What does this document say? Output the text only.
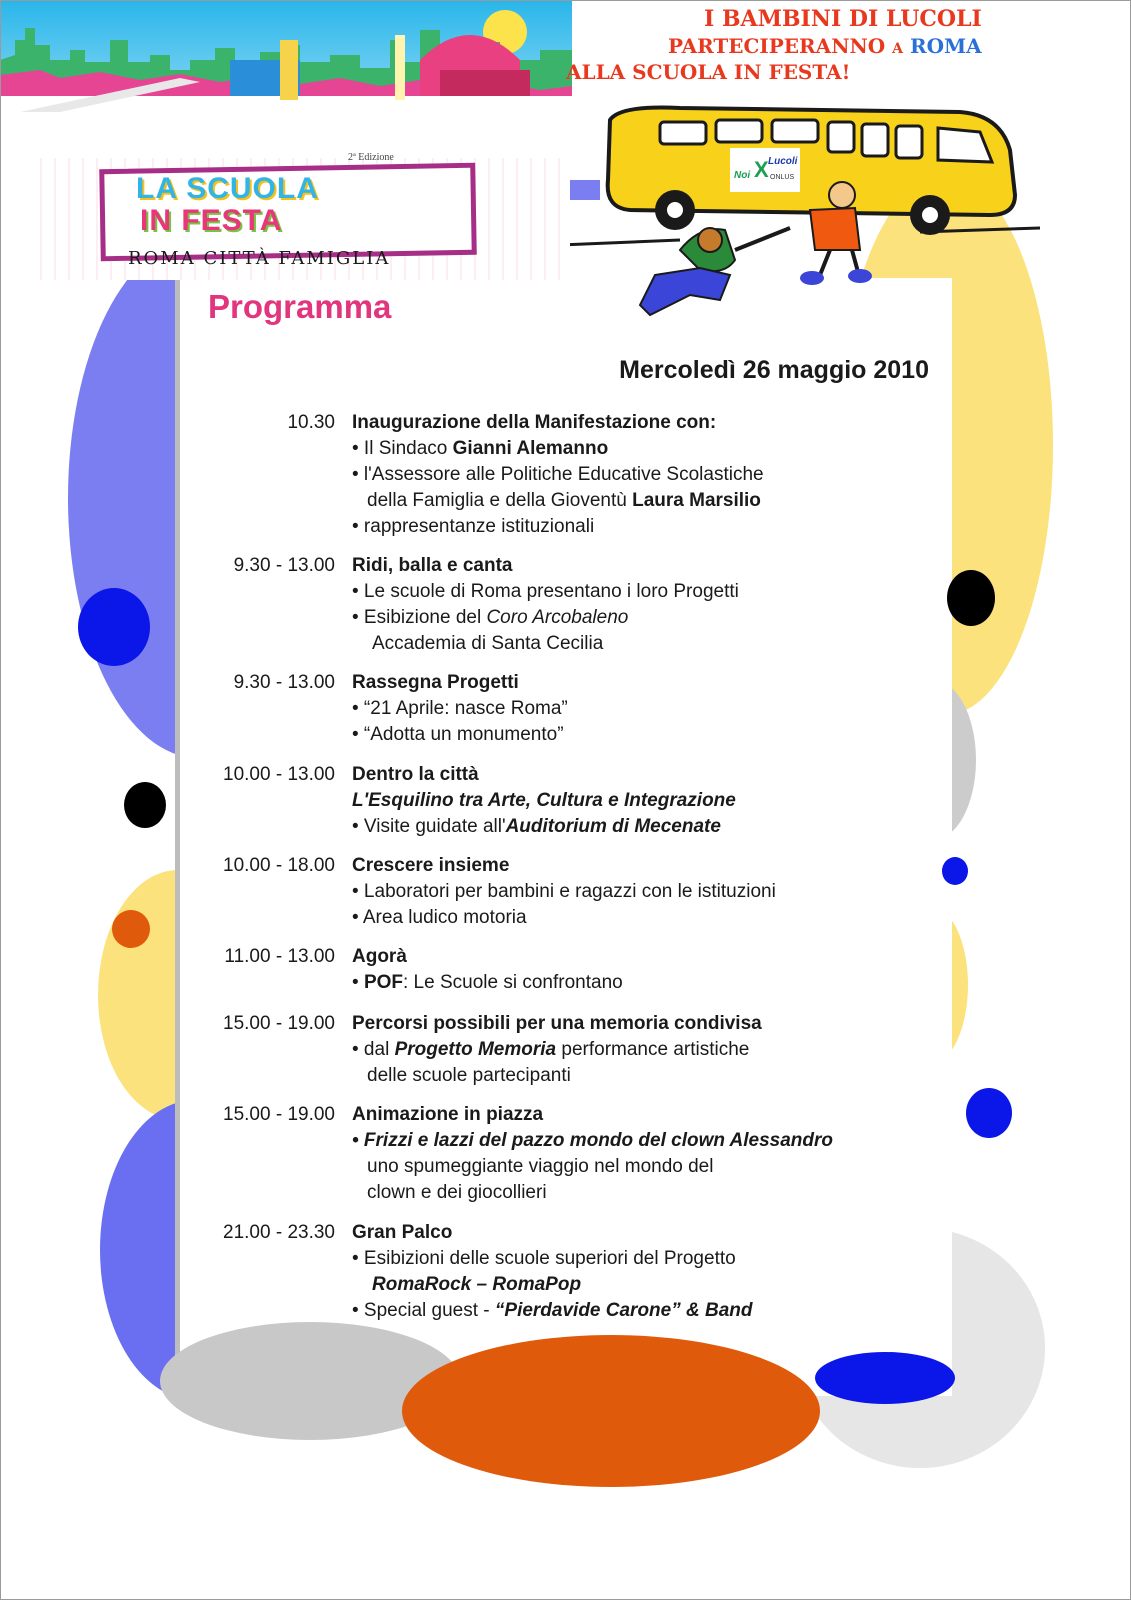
I BAMBINI DI LUCOLI
PARTECIPERANNO A ROMA
ALLA SCUOLA IN FESTA!
Noi X Lucoli
ONLUS
2ª Edizione
LA SCUOLA
IN FESTA
ROMA CITTÀ FAMIGLIA
Programma
Mercoledì 26 maggio 2010
10.30 Inaugurazione della Manifestazione con:
• Il Sindaco Gianni Alemanno
• l'Assessore alle Politiche Educative Scolastiche
della Famiglia e della Gioventù Laura Marsilio
• rappresentanze istituzionali
9.30 - 13.00 Ridi, balla e canta
• Le scuole di Roma presentano i loro Progetti
• Esibizione del Coro Arcobaleno
Accademia di Santa Cecilia
9.30 - 13.00 Rassegna Progetti
• “21 Aprile: nasce Roma”
• “Adotta un monumento”
10.00 - 13.00 Dentro la città
L'Esquilino tra Arte, Cultura e Integrazione
• Visite guidate all'Auditorium di Mecenate
10.00 - 18.00 Crescere insieme
• Laboratori per bambini e ragazzi con le istituzioni
• Area ludico motoria
11.00 - 13.00 Agorà
• POF: Le Scuole si confrontano
15.00 - 19.00 Percorsi possibili per una memoria condivisa
• dal Progetto Memoria performance artistiche
delle scuole partecipanti
15.00 - 19.00 Animazione in piazza
• Frizzi e lazzi del pazzo mondo del clown Alessandro
uno spumeggiante viaggio nel mondo del
clown e dei giocollieri
21.00 - 23.30 Gran Palco
• Esibizioni delle scuole superiori del Progetto
RomaRock – RomaPop
• Special guest - “Pierdavide Carone” & Band
